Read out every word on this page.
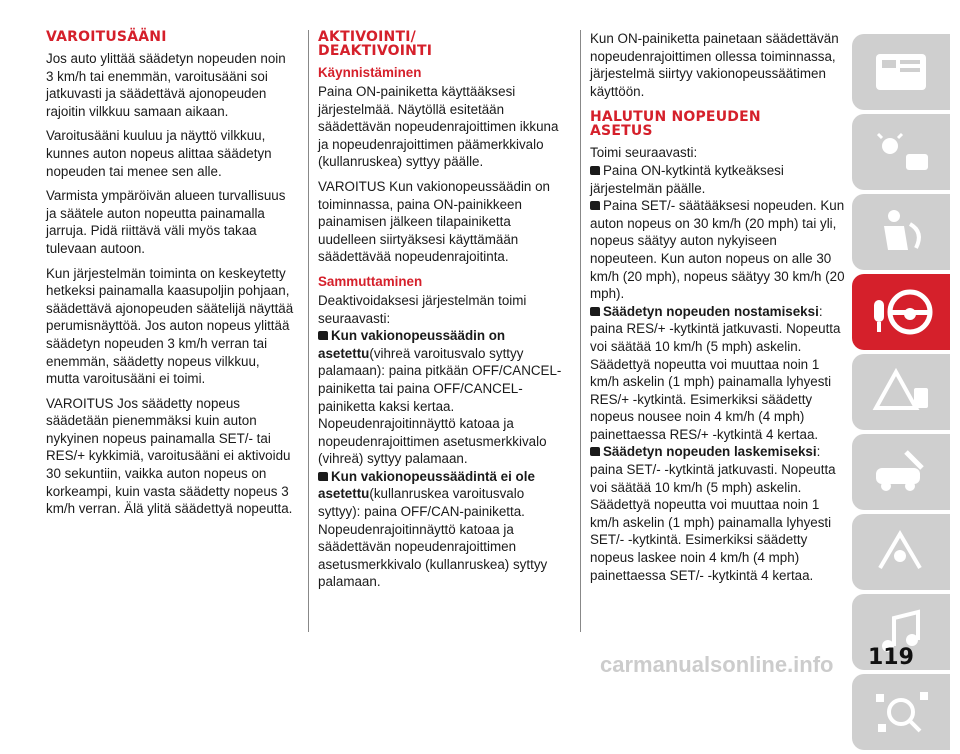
VAROITUSÄÄNI

Jos auto ylittää säädetyn nopeuden noin 3 km/h tai enemmän, varoitusääni soi jatkuvasti ja säädettävä ajonopeuden rajoitin vilkkuu samaan aikaan.

Varoitusääni kuuluu ja näyttö vilkkuu, kunnes auton nopeus alittaa säädetyn nopeuden tai menee sen alle.

Varmista ympäröivän alueen turvallisuus ja säätele auton nopeutta painamalla jarruja. Pidä riittävä väli myös takaa tulevaan autoon.

Kun järjestelmän toiminta on keskeytetty hetkeksi painamalla kaasupoljin pohjaan, säädettävä ajonopeuden säätelijä näyttää perumisnäyttöä. Jos auton nopeus ylittää säädetyn nopeuden 3 km/h verran tai enemmän, säädetty nopeus vilkkuu, mutta varoitusääni ei toimi.

VAROITUS Jos säädetty nopeus säädetään pienemmäksi kuin auton nykyinen nopeus painamalla SET/- tai RES/+ kykkimiä, varoitusääni ei aktivoidu 30 sekuntiin, vaikka auton nopeus on korkeampi, kuin vasta säädetty nopeus 3 km/h verran. Älä ylitä säädettyä nopeutta.

AKTIVOINTI/
DEAKTIVOINTI
Käynnistäminen

Paina ON-painiketta käyttääksesi järjestelmää. Näytöllä esitetään säädettävän nopeudenrajoittimen ikkuna ja nopeudenrajoittimen päämerkkivalo (kullanruskea) syttyy päälle.

VAROITUS Kun vakionopeussäädin on toiminnassa, paina ON-painikkeen painamisen jälkeen tilapainiketta uudelleen siirtyäksesi käyttämään säädettävää nopeudenrajoitinta.

Sammuttaminen

Deaktivoidaksesi järjestelmän toimi seuraavasti:

Kun vakionopeussäädin on asetettu(vihreä varoitusvalo syttyy palamaan): paina pitkään OFF/CANCEL-painiketta tai paina OFF/CANCEL-painiketta kaksi kertaa. Nopeudenrajoitinnäyttö katoaa ja nopeudenrajoittimen asetusmerkkivalo (vihreä) syttyy palamaan.

Kun vakionopeussäädintä ei ole asetettu(kullanruskea varoitusvalo syttyy): paina OFF/CAN-painiketta. Nopeudenrajoitinnäyttö katoaa ja säädettävän nopeudenrajoittimen asetusmerkkivalo (kullanruskea) syttyy palamaan.

Kun ON-painiketta painetaan säädettävän nopeudenrajoittimen ollessa toiminnassa, järjestelmä siirtyy vakionopeussäätimen käyttöön.

HALUTUN NOPEUDEN
ASETUS

Toimi seuraavasti:

Paina ON-kytkintä kytkeäksesi järjestelmän päälle.

Paina SET/- säätääksesi nopeuden. Kun auton nopeus on 30 km/h (20 mph) tai yli, nopeus säätyy auton nykyiseen nopeuteen. Kun auton nopeus on alle 30 km/h (20 mph), nopeus säätyy 30 km/h (20 mph).

Säädetyn nopeuden nostamiseksi: paina RES/+ -kytkintä jatkuvasti. Nopeutta voi säätää 10 km/h (5 mph) askelin. Säädettyä nopeutta voi muuttaa noin 1 km/h askelin (1 mph) painamalla lyhyesti RES/+ -kytkintä. Esimerkiksi säädetty nopeus nousee noin 4 km/h (4 mph) painettaessa RES/+ -kytkintä 4 kertaa.

Säädetyn nopeuden laskemiseksi: paina SET/- -kytkintä jatkuvasti. Nopeutta voi säätää 10 km/h (5 mph) askelin. Säädettyä nopeutta voi muuttaa noin 1 km/h askelin (1 mph) painamalla lyhyesti SET/- -kytkintä. Esimerkiksi säädetty nopeus laskee noin 4 km/h (4 mph) painettaessa SET/- -kytkintä 4 kertaa.

carmanualsonline.info 119
